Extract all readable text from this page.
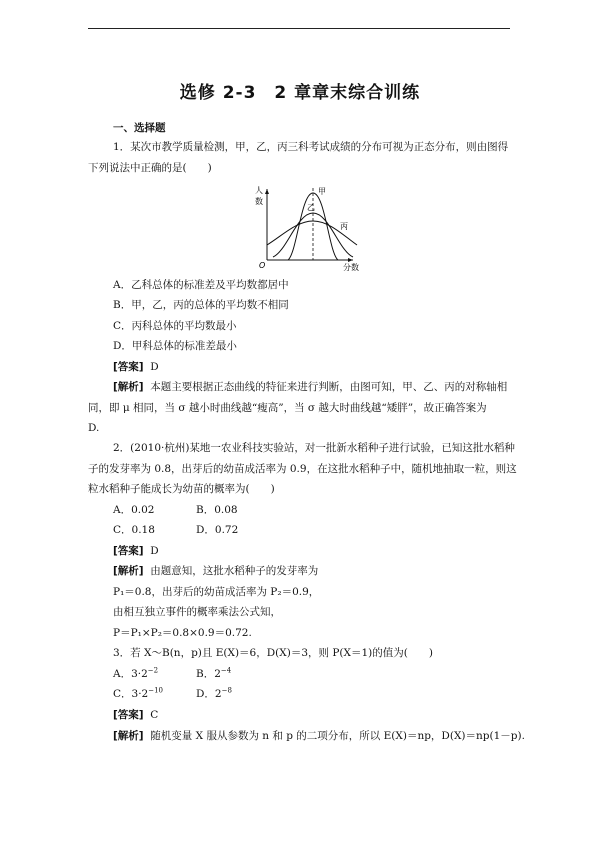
选修 2-3　2 章章末综合训练
一、选择题
1．某次市教学质量检测，甲，乙，丙三科考试成绩的分布可视为正态分布，则由图得
下列说法中正确的是(　　)
人
数
O	分数
甲
乙
丙
A．乙科总体的标准差及平均数都居中
B．甲，乙，丙的总体的平均数不相同
C．丙科总体的平均数最小
D．甲科总体的标准差最小
[答案] D
[解析] 本题主要根据正态曲线的特征来进行判断，由图可知，甲、乙、丙的对称轴相
同，即 μ 相同，当 σ 越小时曲线越“瘦高”，当 σ 越大时曲线越“矮胖”，故正确答案为
D.
2．(2010·杭州)某地一农业科技实验站，对一批新水稻种子进行试验，已知这批水稻种
子的发芽率为 0.8，出芽后的幼苗成活率为 0.9，在这批水稻种子中，随机地抽取一粒，则这
粒水稻种子能成长为幼苗的概率为(　　)
A．0.02	B．0.08
C．0.18	D．0.72
[答案] D
[解析] 由题意知，这批水稻种子的发芽率为
P₁＝0.8，出芽后的幼苗成活率为 P₂＝0.9，
由相互独立事件的概率乘法公式知，
P＝P₁×P₂＝0.8×0.9＝0.72.
3．若 X～B(n，p)且 E(X)＝6，D(X)＝3，则 P(X＝1)的值为(　　)
A．$3\cdot 2^{-2}$	B．$2^{-4}$
C．$3\cdot 2^{-10}$	D．$2^{-8}$
[答案] C
[解析] 随机变量 X 服从参数为 n 和 p 的二项分布，所以 E(X)＝np，D(X)＝np(1－p).
